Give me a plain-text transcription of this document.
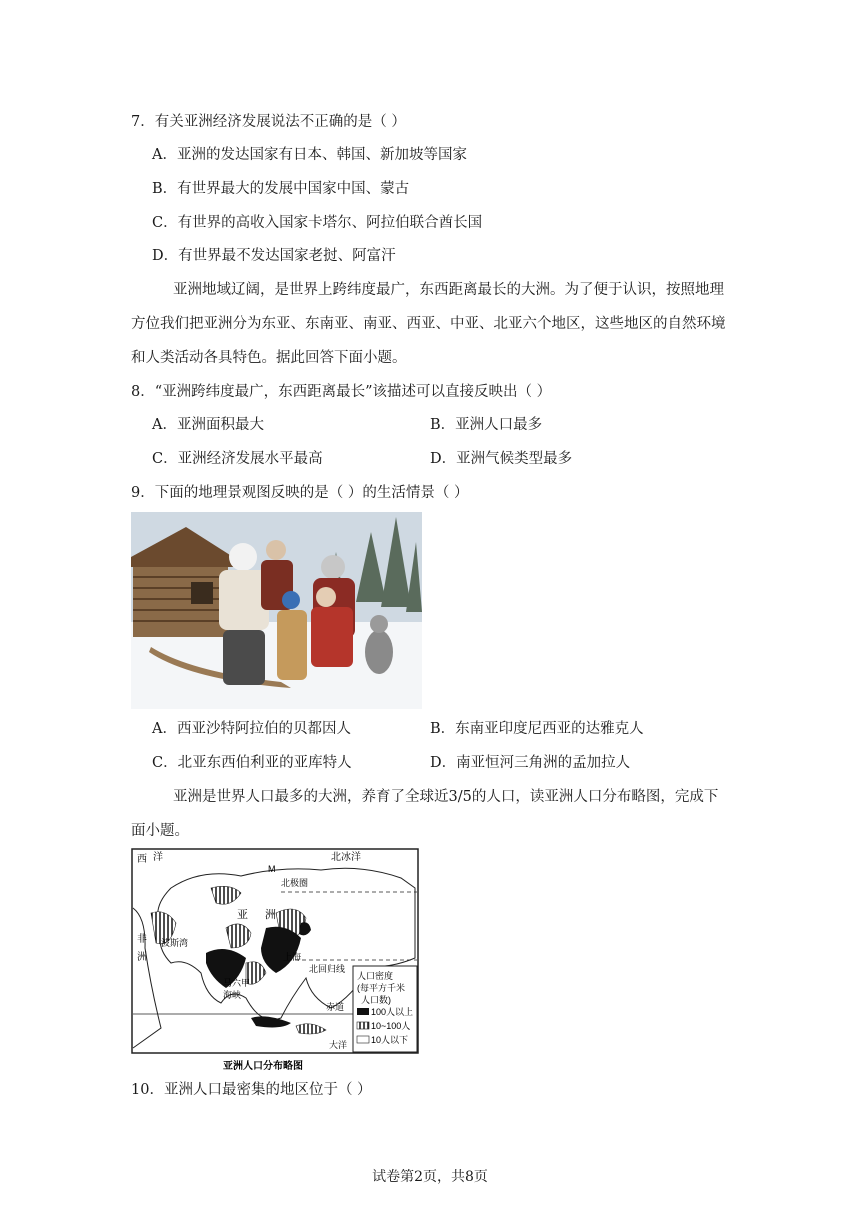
7．有关亚洲经济发展说法不正确的是（ ）
A．亚洲的发达国家有日本、韩国、新加坡等国家
B．有世界最大的发展中国家中国、蒙古
C．有世界的高收入国家卡塔尔、阿拉伯联合酋长国
D．有世界最不发达国家老挝、阿富汗
亚洲地域辽阔，是世界上跨纬度最广，东西距离最长的大洲。为了便于认识，按照地理方位我们把亚洲分为东亚、东南亚、南亚、西亚、中亚、北亚六个地区，这些地区的自然环境和人类活动各具特色。据此回答下面小题。
8．“亚洲跨纬度最广，东西距离最长”该描述可以直接反映出（ ）
A．亚洲面积最大	B．亚洲人口最多
C．亚洲经济发展水平最高	D．亚洲气候类型最多
9．下面的地理景观图反映的是（ ）的生活情景（ ）
A．西亚沙特阿拉伯的贝都因人	B．东南亚印度尼西亚的达雅克人
C．北亚东西伯利亚的亚库特人	D．南亚恒河三角洲的孟加拉人
亚洲是世界人口最多的大洲，养育了全球近3/5的人口，读亚洲人口分布略图，完成下面小题。
人口密度
(每平方千米
人口数)
100人以上
10~100人
10人以下
西 洋	北冰洋
M
北极圈
亚 洲
非
洲
波斯湾
上海
北回归线
马六甲
海峡
赤道
大洋
亚洲人口分布略图
10．亚洲人口最密集的地区位于（ ）
试卷第2页，共8页
